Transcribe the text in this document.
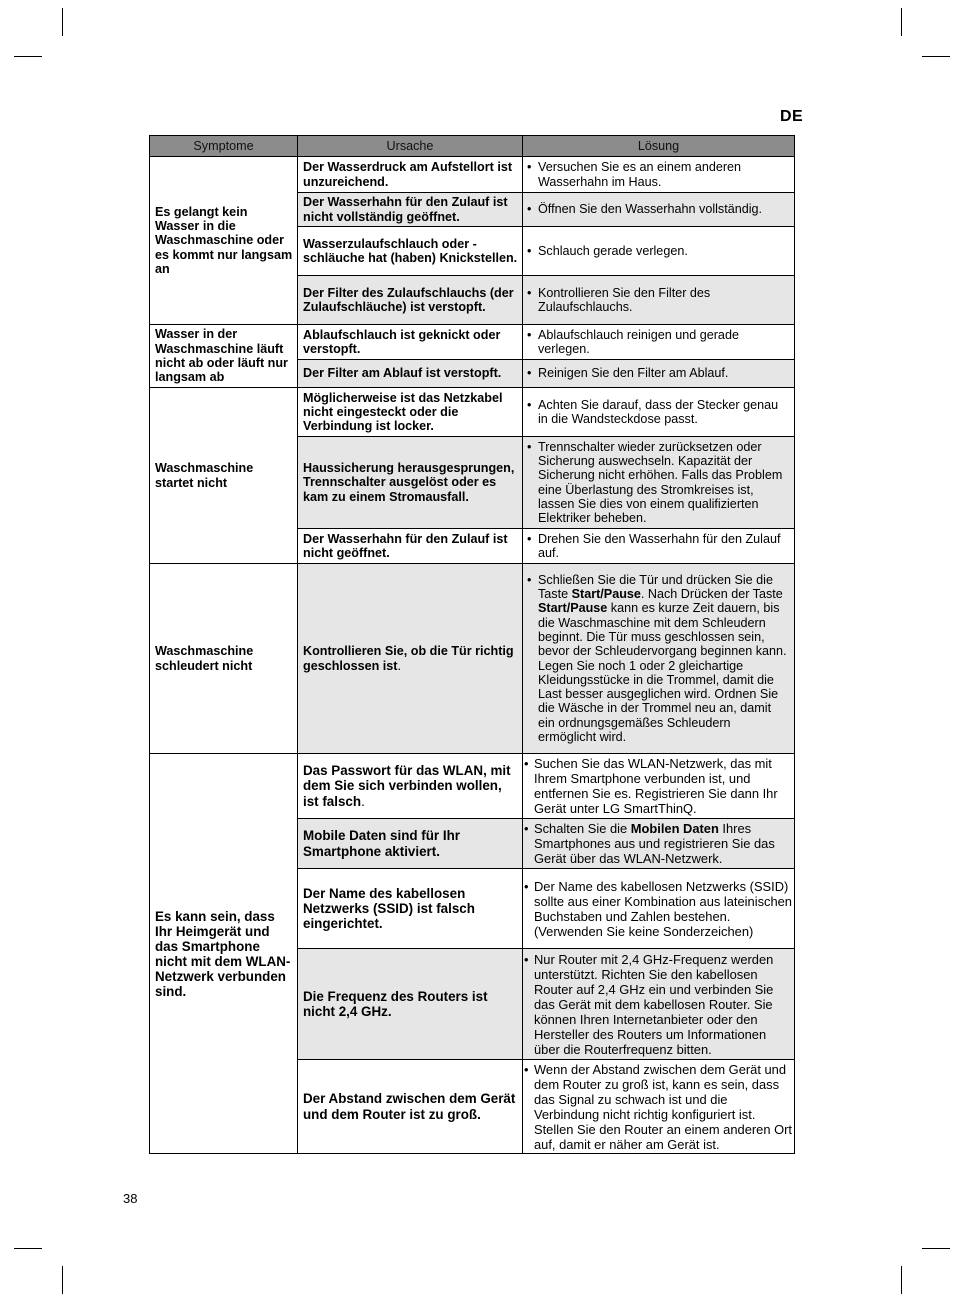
DE
Symptome	Ursache	Lösung
Es gelangt kein Wasser in die Waschmaschine oder es kommt nur langsam an	Der Wasserdruck am Aufstellort ist unzureichend.	• Versuchen Sie es an einem anderen Wasserhahn im Haus.

	Der Wasserhahn für den Zulauf ist nicht vollständig geöffnet.	• Öffnen Sie den Wasserhahn vollständig.

	Wasserzulaufschlauch oder -schläuche hat (haben) Knickstellen.	• Schlauch gerade verlegen.

	Der Filter des Zulaufschlauchs (der Zulaufschläuche) ist verstopft.	• Kontrollieren Sie den Filter des Zulaufschlauchs.

Wasser in der Waschmaschine läuft nicht ab oder läuft nur langsam ab	Ablaufschlauch ist geknickt oder verstopft.	• Ablaufschlauch reinigen und gerade verlegen.

	Der Filter am Ablauf ist verstopft.	• Reinigen Sie den Filter am Ablauf.

Waschmaschine startet nicht	Möglicherweise ist das Netzkabel nicht eingesteckt oder die Verbindung ist locker.	• Achten Sie darauf, dass der Stecker genau in die Wandsteckdose passt.

	Haussicherung herausgesprungen, Trennschalter ausgelöst oder es kam zu einem Stromausfall.	• Trennschalter wieder zurücksetzen oder Sicherung auswechseln. Kapazität der Sicherung nicht erhöhen. Falls das Problem eine Überlastung des Stromkreises ist, lassen Sie dies von einem qualifizierten Elektriker beheben.

	Der Wasserhahn für den Zulauf ist nicht geöffnet.	• Drehen Sie den Wasserhahn für den Zulauf auf.

Waschmaschine schleudert nicht	Kontrollieren Sie, ob die Tür richtig geschlossen ist.	• Schließen Sie die Tür und drücken Sie die Taste Start/Pause. Nach Drücken der Taste Start/Pause kann es kurze Zeit dauern, bis die Waschmaschine mit dem Schleudern beginnt. Die Tür muss geschlossen sein, bevor der Schleudervorgang beginnen kann. Legen Sie noch 1 oder 2 gleichartige Kleidungsstücke in die Trommel, damit die Last besser ausgeglichen wird. Ordnen Sie die Wäsche in der Trommel neu an, damit ein ordnungsgemäßes Schleudern ermöglicht wird.

Es kann sein, dass Ihr Heimgerät und das Smartphone nicht mit dem WLAN-Netzwerk verbunden sind.	Das Passwort für das WLAN, mit dem Sie sich verbinden wollen, ist falsch.	• Suchen Sie das WLAN-Netzwerk, das mit Ihrem Smartphone verbunden ist, und entfernen Sie es. Registrieren Sie dann Ihr Gerät unter LG SmartThinQ.

	Mobile Daten sind für Ihr Smartphone aktiviert.	• Schalten Sie die Mobilen Daten Ihres Smartphones aus und registrieren Sie das Gerät über das WLAN-Netzwerk.

	Der Name des kabellosen Netzwerks (SSID) ist falsch eingerichtet.	• Der Name des kabellosen Netzwerks (SSID) sollte aus einer Kombination aus lateinischen Buchstaben und Zahlen bestehen. (Verwenden Sie keine Sonderzeichen)

	Die Frequenz des Routers ist nicht 2,4 GHz.	• Nur Router mit 2,4 GHz-Frequenz werden unterstützt. Richten Sie den kabellosen Router auf 2,4 GHz ein und verbinden Sie das Gerät mit dem kabellosen Router. Sie können Ihren Internetanbieter oder den Hersteller des Routers um Informationen über die Routerfrequenz bitten.

	Der Abstand zwischen dem Gerät und dem Router ist zu groß.	• Wenn der Abstand zwischen dem Gerät und dem Router zu groß ist, kann es sein, dass das Signal zu schwach ist und die Verbindung nicht richtig konfiguriert ist. Stellen Sie den Router an einem anderen Ort auf, damit er näher am Gerät ist.
38
